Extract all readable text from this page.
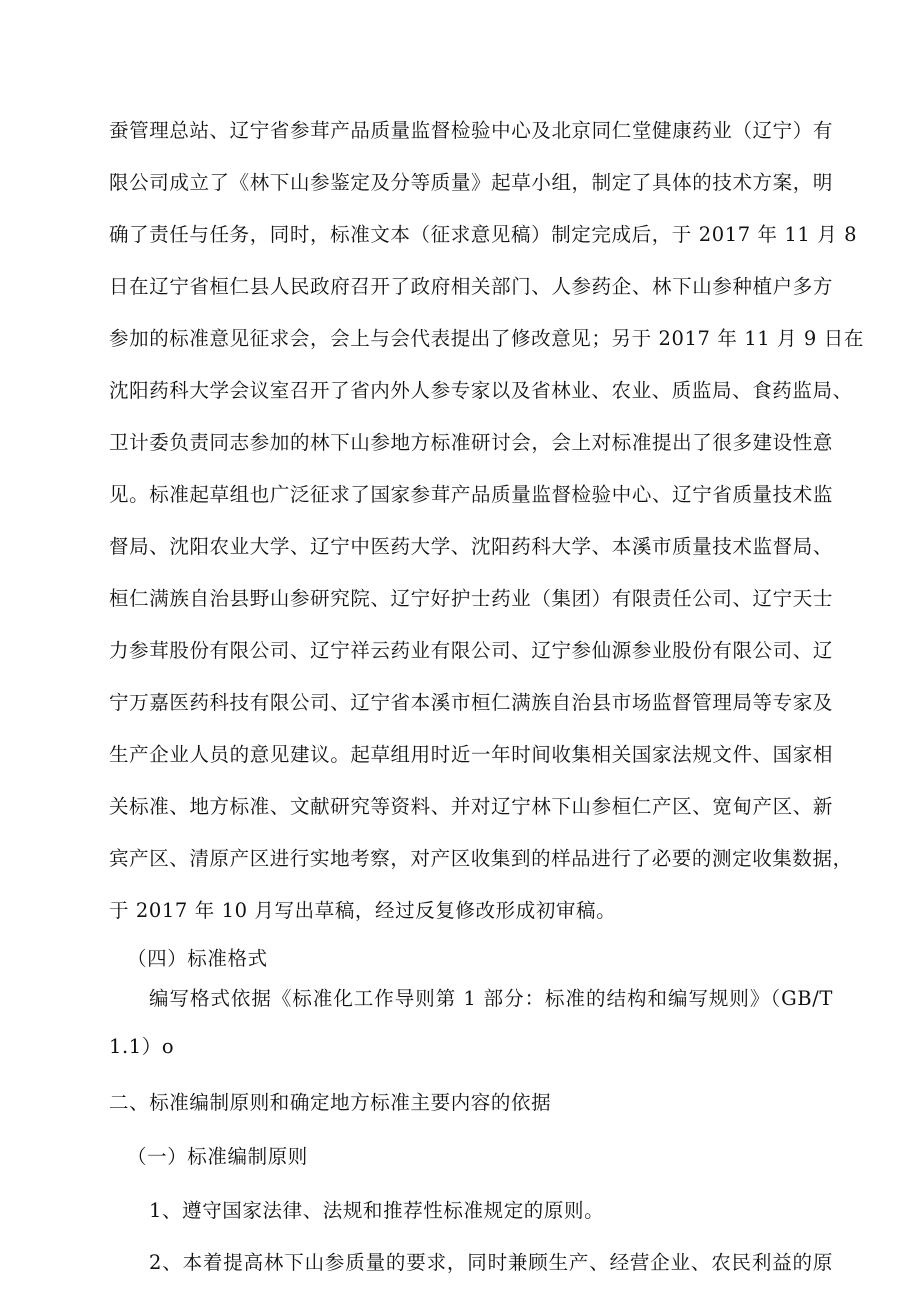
蚕管理总站、辽宁省参茸产品质量监督检验中心及北京同仁堂健康药业（辽宁）有
限公司成立了《林下山参鉴定及分等质量》起草小组，制定了具体的技术方案，明
确了责任与任务，同时，标准文本（征求意见稿）制定完成后，于 2017 年 11 月 8
日在辽宁省桓仁县人民政府召开了政府相关部门、人参药企、林下山参种植户多方
参加的标准意见征求会，会上与会代表提出了修改意见；另于 2017 年 11 月 9 日在
沈阳药科大学会议室召开了省内外人参专家以及省林业、农业、质监局、食药监局、
卫计委负责同志参加的林下山参地方标准研讨会，会上对标准提出了很多建设性意
见。标准起草组也广泛征求了国家参茸产品质量监督检验中心、辽宁省质量技术监
督局、沈阳农业大学、辽宁中医药大学、沈阳药科大学、本溪市质量技术监督局、
桓仁满族自治县野山参研究院、辽宁好护士药业（集团）有限责任公司、辽宁天士
力参茸股份有限公司、辽宁祥云药业有限公司、辽宁参仙源参业股份有限公司、辽
宁万嘉医药科技有限公司、辽宁省本溪市桓仁满族自治县市场监督管理局等专家及
生产企业人员的意见建议。起草组用时近一年时间收集相关国家法规文件、国家相
关标准、地方标准、文献研究等资料、并对辽宁林下山参桓仁产区、宽甸产区、新
宾产区、清原产区进行实地考察，对产区收集到的样品进行了必要的测定收集数据，
于 2017 年 10 月写出草稿，经过反复修改形成初审稿。
（四）标准格式
编写格式依据《标准化工作导则第 1 部分：标准的结构和编写规则》（GB/T
1.1）o
二、标准编制原则和确定地方标准主要内容的依据
（一）标准编制原则
1、遵守国家法律、法规和推荐性标准规定的原则。
2、本着提高林下山参质量的要求，同时兼顾生产、经营企业、农民利益的原
